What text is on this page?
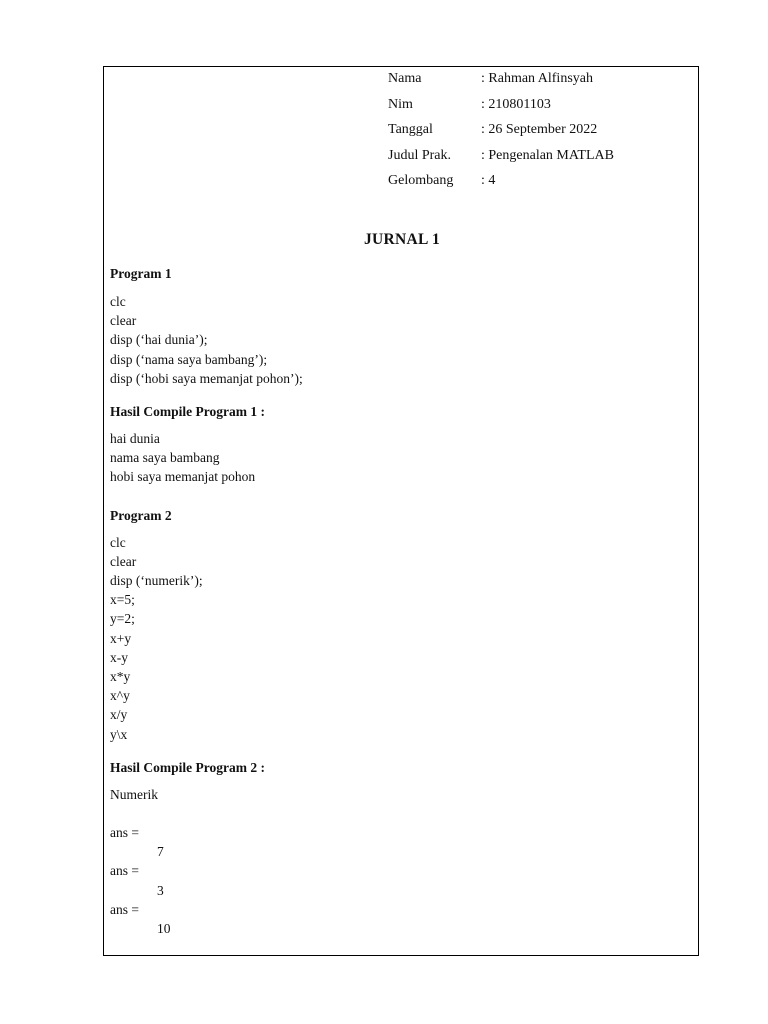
Nama	: Rahman Alfinsyah
Nim	: 210801103
Tanggal	: 26 September 2022
Judul Prak.	: Pengenalan MATLAB
Gelombang	: 4
JURNAL 1

Program 1

clc
clear
disp (‘hai dunia’);
disp (‘nama saya bambang’);
disp (‘hobi saya memanjat pohon’);

Hasil Compile Program 1 :

hai dunia
nama saya bambang
hobi saya memanjat pohon

Program 2

clc
clear
disp (‘numerik’);
x=5;
y=2;
x+y
x-y
x*y
x^y
x/y
y\x

Hasil Compile Program 2 :

Numerik
ans =
7
ans =
3
ans =
10
